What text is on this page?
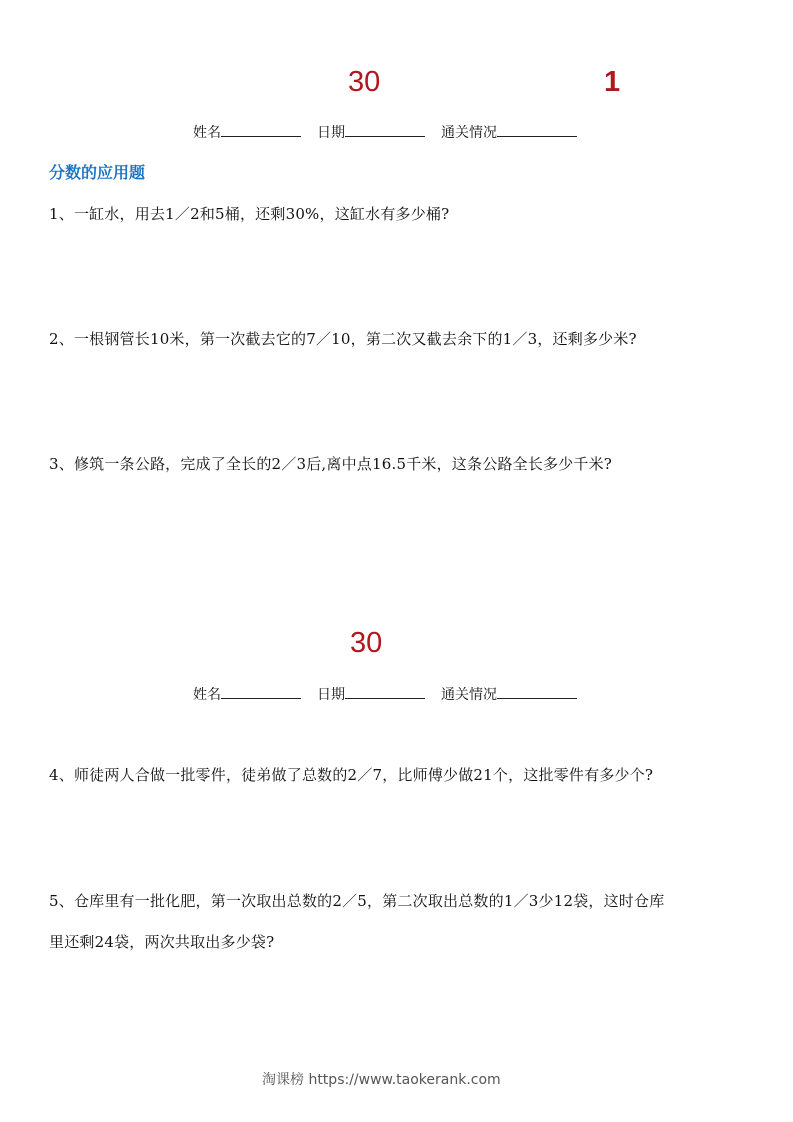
30	1
姓名	日期	通关情况
分数的应用题
1、一缸水，用去1／2和5桶，还剩30%，这缸水有多少桶?
2、一根钢管长10米，第一次截去它的7／10，第二次又截去余下的1／3，还剩多少米?
3、修筑一条公路，完成了全长的2／3后,离中点16.5千米，这条公路全长多少千米?
30
姓名	日期	通关情况
4、师徒两人合做一批零件，徒弟做了总数的2／7，比师傅少做21个，这批零件有多少个?
5、仓库里有一批化肥，第一次取出总数的2／5，第二次取出总数的1／3少12袋，这时仓库
里还剩24袋，两次共取出多少袋?
淘课榜 https://www.taokerank.com
